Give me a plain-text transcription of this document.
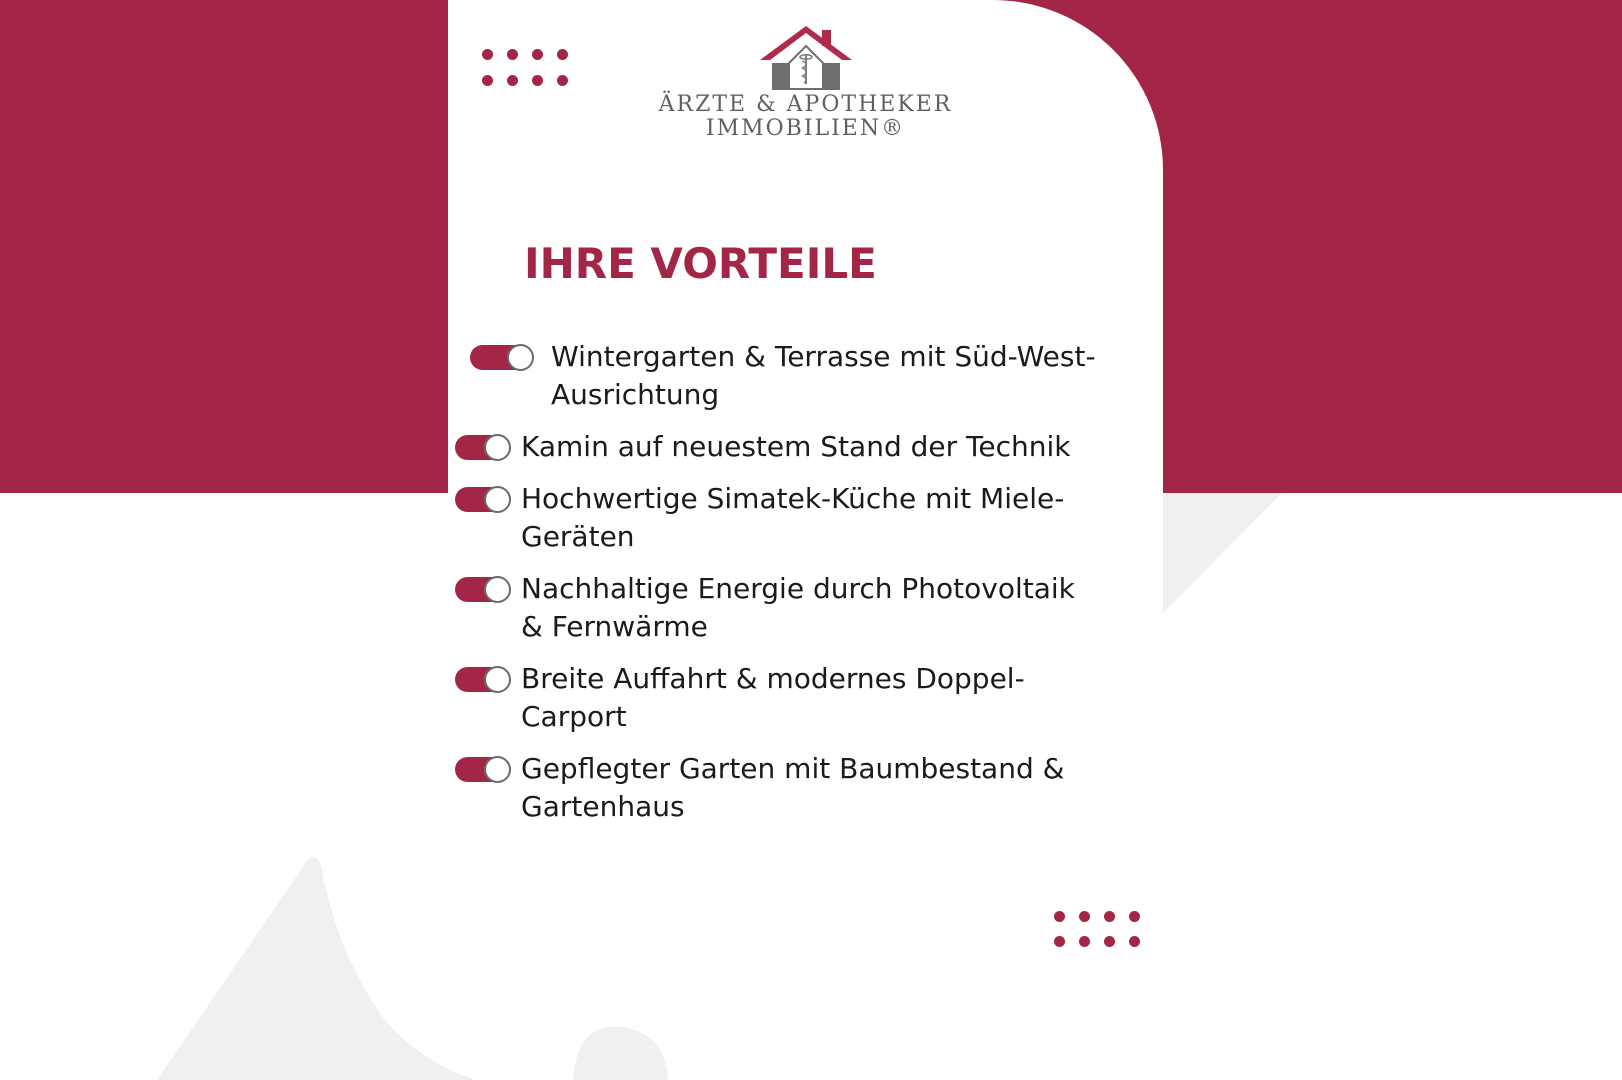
ÄRZTE & APOTHEKER
IMMOBILIEN®
IHRE VORTEILE
Wintergarten & Terrasse mit Süd-West-
Ausrichtung
Kamin auf neuestem Stand der Technik
Hochwertige Simatek-Küche mit Miele-
Geräten
Nachhaltige Energie durch Photovoltaik
& Fernwärme
Breite Auffahrt & modernes Doppel-
Carport
Gepflegter Garten mit Baumbestand &
Gartenhaus
